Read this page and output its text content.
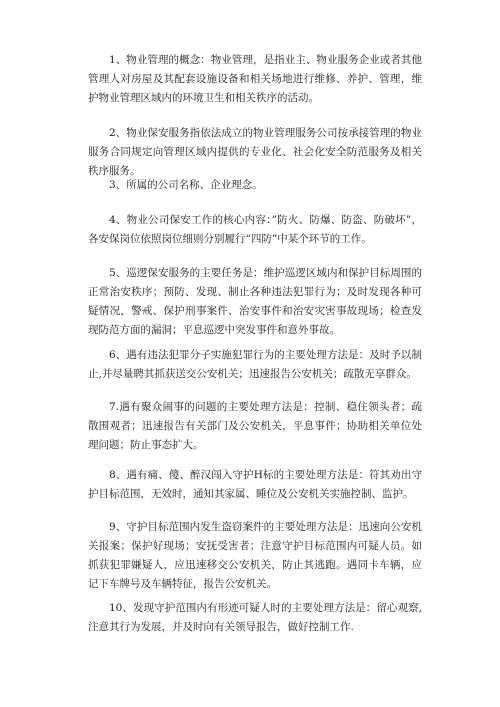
1、物业管理的概念：物业管理，是指业主、物业服务企业或者其他管理人对房屋及其配套设施设备和相关场地进行维修、养护、管理，维护物业管理区域内的环境卫生和相关秩序的活动。

2、物业保安服务指依法成立的物业管理服务公司按承接管理的物业服务合同规定向管理区域内提供的专业化、社会化安全防范服务及相关秩序服务。

3、所属的公司名称、企业理念。

4、物业公司保安工作的核心内容：”防火、防爆、防盗、防破坏”，各安保岗位依照岗位细则分别履行“四防”中某个环节的工作。

5、巡逻保安服务的主要任务是：维护巡逻区域内和保护目标周围的正常治安秩序；预防、发现、制止各种违法犯罪行为；及时发现各种可疑情况，警戒、保护刑事案件、治安事件和治安灾害事故现场；检查发现防范方面的漏洞；平息巡逻中突发事件和意外事故。

6、遇有违法犯罪分子实施犯罪行为的主要处理方法是：及时予以制止,并尽量聘其抓获送交公安机关；迅速报告公安机关；疏散无享群众。

7.遇有聚众闹事的问题的主要处理方法是：控制、稳住领头者；疏散围观者；迅速报告有关部门及公安机关，平息事件；协助相关单位处理问题；防止事态扩大。

8、遇有痛、傻、醉汉闯入守护H标的主要处理方法是：符其劝出守护目标范围，无效时，通知其家属、睡位及公安机关实施控制、监护。

9、守护目标范围内发生盗窃案件的主要处理方法是：迅速向公安机关报案；保护好现场；安抚受害者；注意守护目标范围内可疑人员。如抓获犯罪嫌疑人，应迅速移交公安机关，防止其逃跑。遇同卡车辆，应记下车牌号及车辆特征，报告公安机关。

10、发现守护范围内有形迹可疑人时的主要处理方法是：留心观察,注意其行为发展，并及时向有关领导报告，做好控制工作.
